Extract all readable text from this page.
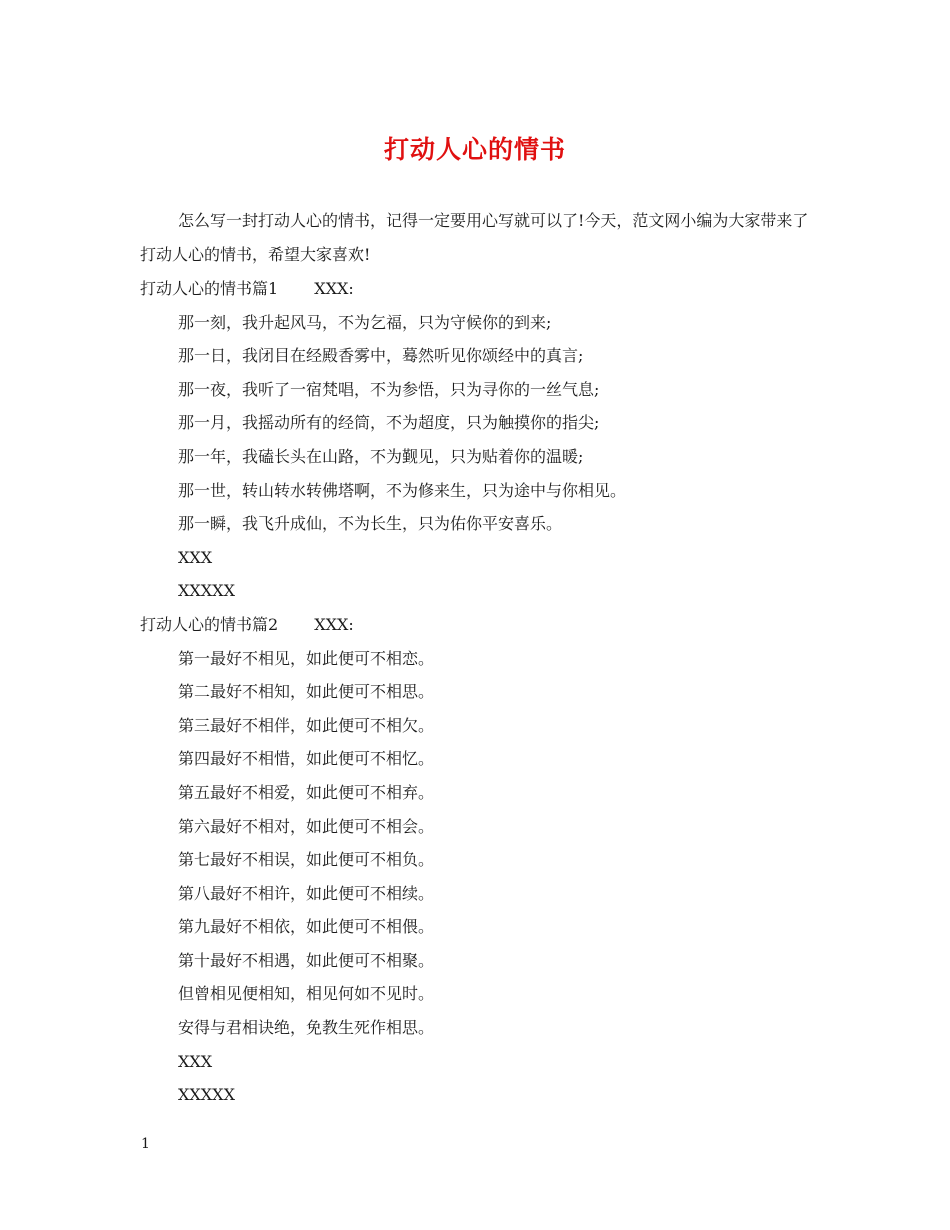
打动人心的情书
怎么写一封打动人心的情书，记得一定要用心写就可以了!今天，范文网小编为大家带来了打动人心的情书，希望大家喜欢!
打动人心的情书篇1 XXX:
那一刻，我升起风马，不为乞福，只为守候你的到来;
那一日，我闭目在经殿香雾中，蓦然听见你颂经中的真言;
那一夜，我听了一宿梵唱，不为参悟，只为寻你的一丝气息;
那一月，我摇动所有的经筒，不为超度，只为触摸你的指尖;
那一年，我磕长头在山路，不为觐见，只为贴着你的温暖;
那一世，转山转水转佛塔啊，不为修来生，只为途中与你相见。
那一瞬，我飞升成仙，不为长生，只为佑你平安喜乐。
XXX
XXXXX
打动人心的情书篇2 XXX:
第一最好不相见，如此便可不相恋。
第二最好不相知，如此便可不相思。
第三最好不相伴，如此便可不相欠。
第四最好不相惜，如此便可不相忆。
第五最好不相爱，如此便可不相弃。
第六最好不相对，如此便可不相会。
第七最好不相误，如此便可不相负。
第八最好不相许，如此便可不相续。
第九最好不相依，如此便可不相偎。
第十最好不相遇，如此便可不相聚。
但曾相见便相知，相见何如不见时。
安得与君相诀绝，免教生死作相思。
XXX
XXXXX
1
